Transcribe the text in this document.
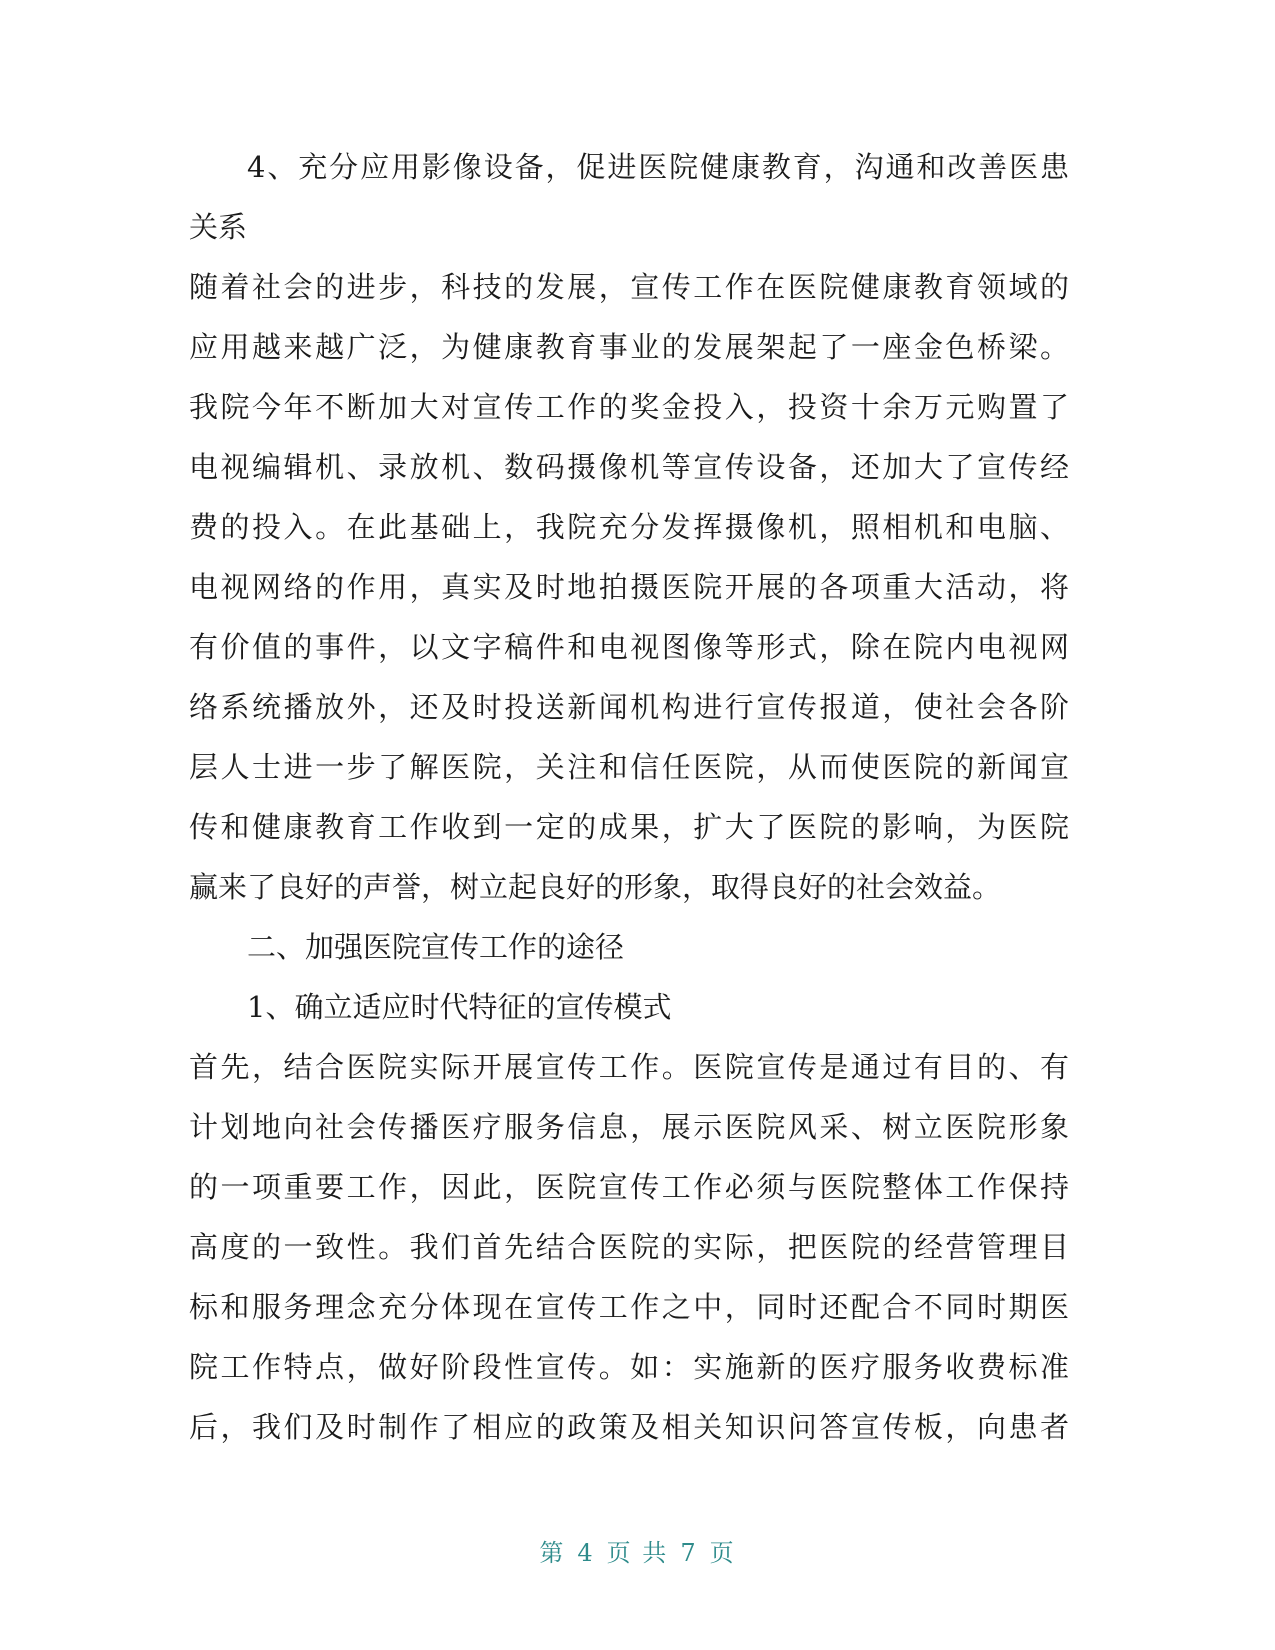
4、充分应用影像设备，促进医院健康教育，沟通和改善医患
关系
随着社会的进步，科技的发展，宣传工作在医院健康教育领域的
应用越来越广泛，为健康教育事业的发展架起了一座金色桥梁。
我院今年不断加大对宣传工作的奖金投入，投资十余万元购置了
电视编辑机、录放机、数码摄像机等宣传设备，还加大了宣传经
费的投入。在此基础上，我院充分发挥摄像机，照相机和电脑、
电视网络的作用，真实及时地拍摄医院开展的各项重大活动，将
有价值的事件，以文字稿件和电视图像等形式，除在院内电视网
络系统播放外，还及时投送新闻机构进行宣传报道，使社会各阶
层人士进一步了解医院，关注和信任医院，从而使医院的新闻宣
传和健康教育工作收到一定的成果，扩大了医院的影响，为医院
赢来了良好的声誉，树立起良好的形象，取得良好的社会效益。
二、加强医院宣传工作的途径
1、确立适应时代特征的宣传模式
首先，结合医院实际开展宣传工作。医院宣传是通过有目的、有
计划地向社会传播医疗服务信息，展示医院风采、树立医院形象
的一项重要工作，因此，医院宣传工作必须与医院整体工作保持
高度的一致性。我们首先结合医院的实际，把医院的经营管理目
标和服务理念充分体现在宣传工作之中，同时还配合不同时期医
院工作特点，做好阶段性宣传。如：实施新的医疗服务收费标准
后，我们及时制作了相应的政策及相关知识问答宣传板，向患者
第 4 页 共 7 页
